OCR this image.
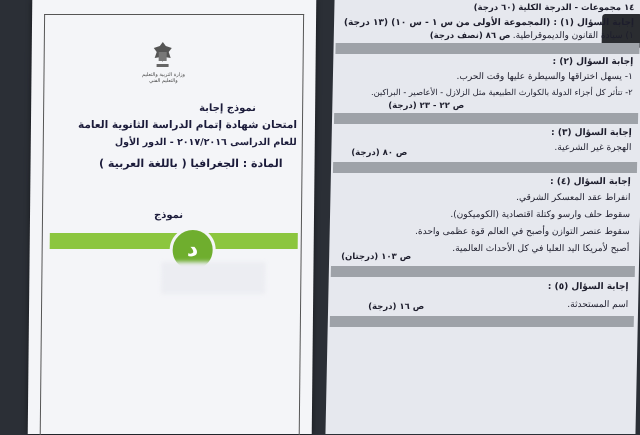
وزارة التربية والتعليم والتعليم الفني
نموذج إجابة
امتحان شهادة إتمام الدراسة الثانوية العامة
للعام الدراسى ٢٠١٧/٢٠١٦ - الدور الأول
المادة : الجغرافيا ( باللغة العربية )
نموذج
د
١٤ مجموعات - الدرجة الكلية (٦٠ درجة)
إجابة السؤال (١) : (المجموعة الأولى من س ١ - س ١٠) (١٣ درجة)
١) سيادة القانون والديموقراطية.
ص ٨٦ (نصف درجة)
إجابة السؤال (٢) :
١- يسهل اختراقها والسيطرة عليها وقت الحرب.
٢- تتأثر كل أجزاء الدولة بالكوارث الطبيعية مثل الزلازل - الأعاصير - البراكين.
ص ٢٢ - ٢٣ (درجة)
إجابة السؤال (٣) :
الهجرة غير الشرعية.
ص ٨٠ (درجة)
إجابة السؤال (٤) :
انفراط عقد المعسكر الشرقي.
سقوط حلف وارسو وكتلة اقتصادية (الكوميكون).
سقوط عنصر التوازن وأصبح في العالم قوة عظمى واحدة.
أصبح لأمريكا اليد العليا في كل الأحداث العالمية.
ص ١٠٣ (درجتان)
إجابة السؤال (٥) :
اسم المستحدثة.
ص ١٦ (درجة)
